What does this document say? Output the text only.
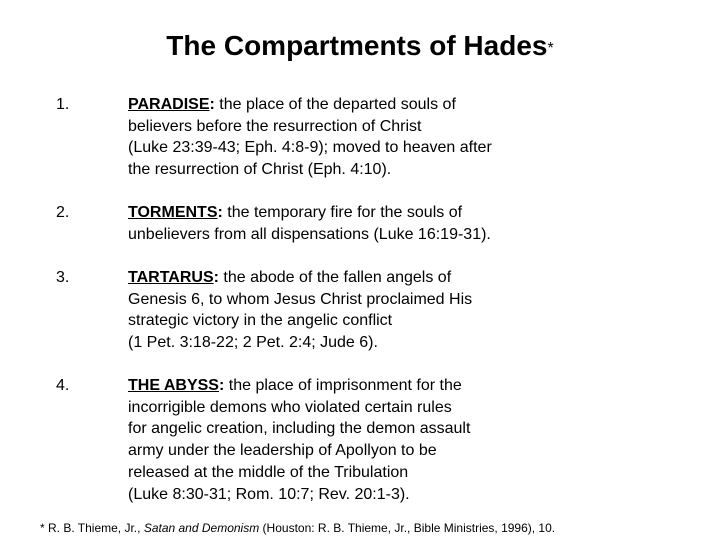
The Compartments of Hades*
1.	PARADISE: the place of the departed souls of
believers before the resurrection of Christ
(Luke 23:39-43; Eph. 4:8-9); moved to heaven after
the resurrection of Christ (Eph. 4:10).
2.	TORMENTS: the temporary fire for the souls of
unbelievers from all dispensations (Luke 16:19-31).
3.	TARTARUS: the abode of the fallen angels of
Genesis 6, to whom Jesus Christ proclaimed His
strategic victory in the angelic conflict
(1 Pet. 3:18-22; 2 Pet. 2:4; Jude 6).
4.	THE ABYSS: the place of imprisonment for the
incorrigible demons who violated certain rules
for angelic creation, including the demon assault
army under the leadership of Apollyon to be
released at the middle of the Tribulation
(Luke 8:30-31; Rom. 10:7; Rev. 20:1-3).
* R. B. Thieme, Jr., Satan and Demonism (Houston: R. B. Thieme, Jr., Bible Ministries, 1996), 10.
